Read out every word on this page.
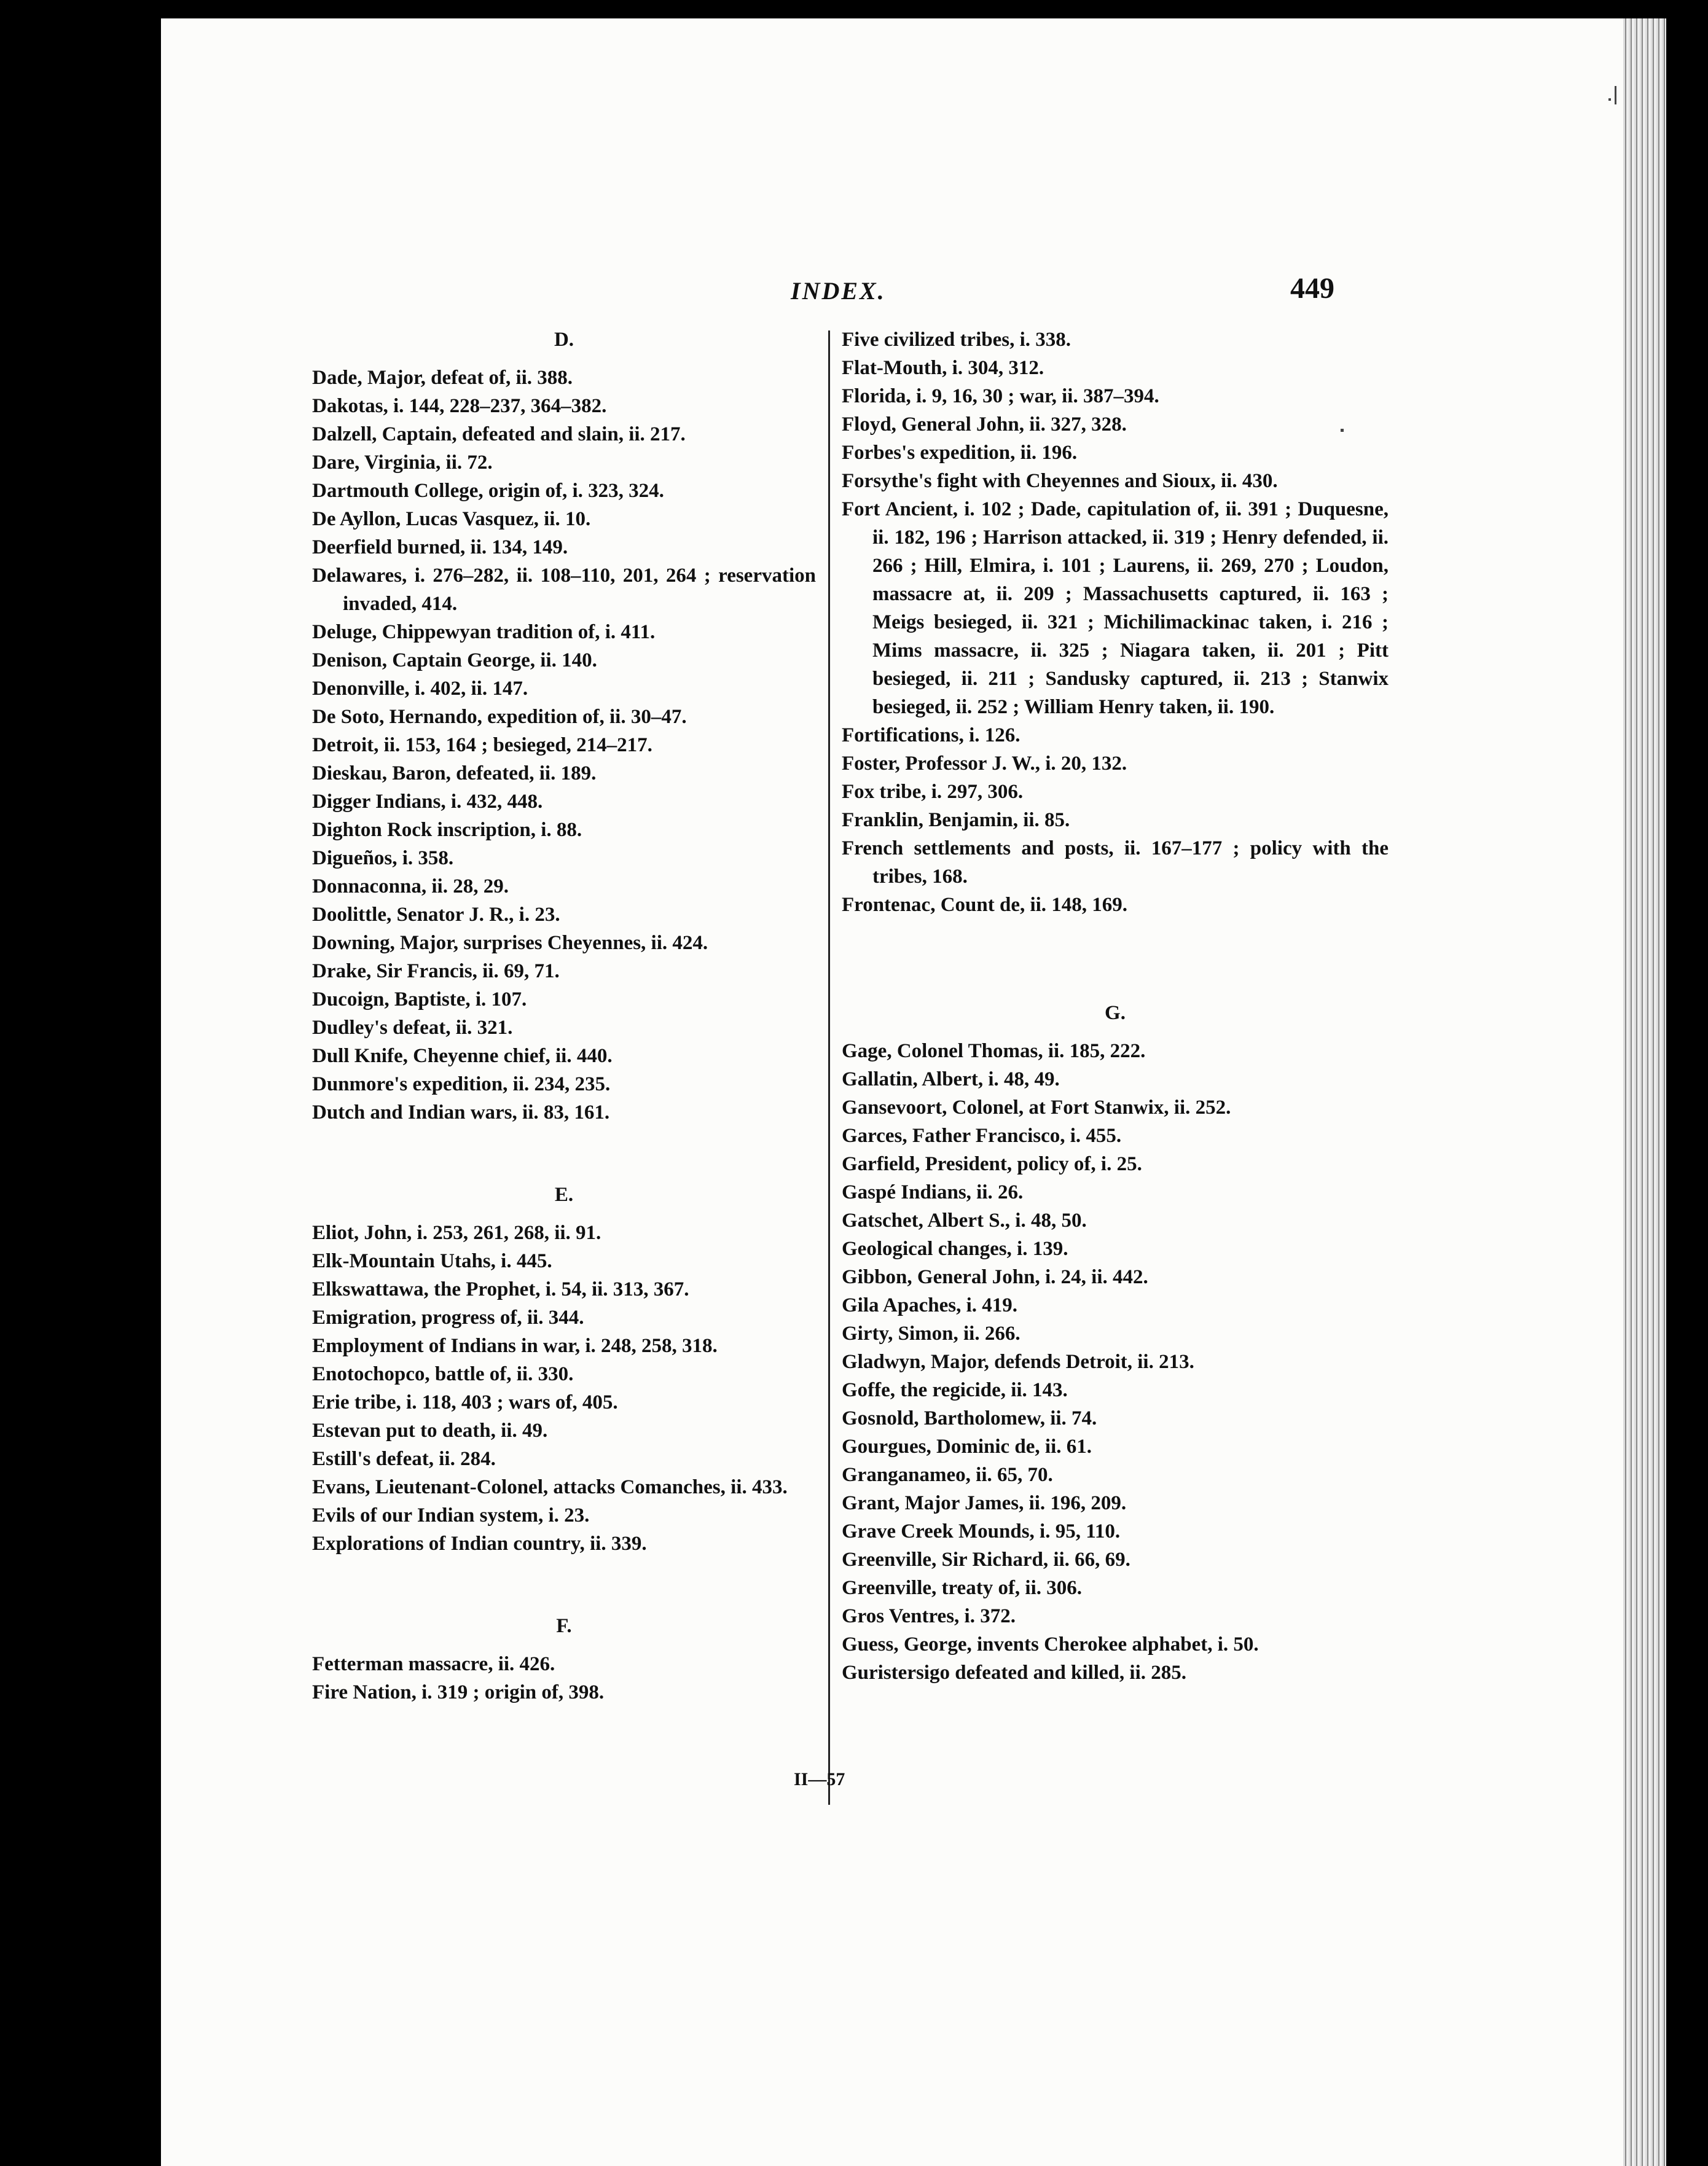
INDEX.	449

D.

Dade, Major, defeat of, ii. 388.

Dakotas, i. 144, 228–237, 364–382.

Dalzell, Captain, defeated and slain, ii. 217.

Dare, Virginia, ii. 72.

Dartmouth College, origin of, i. 323, 324.

De Ayllon, Lucas Vasquez, ii. 10.

Deerfield burned, ii. 134, 149.

Delawares, i. 276–282, ii. 108–110, 201, 264 ; reservation invaded, 414.

Deluge, Chippewyan tradition of, i. 411.

Denison, Captain George, ii. 140.

Denonville, i. 402, ii. 147.

De Soto, Hernando, expedition of, ii. 30–47.

Detroit, ii. 153, 164 ; besieged, 214–217.

Dieskau, Baron, defeated, ii. 189.

Digger Indians, i. 432, 448.

Dighton Rock inscription, i. 88.

Digueños, i. 358.

Donnaconna, ii. 28, 29.

Doolittle, Senator J. R., i. 23.

Downing, Major, surprises Cheyennes, ii. 424.

Drake, Sir Francis, ii. 69, 71.

Ducoign, Baptiste, i. 107.

Dudley's defeat, ii. 321.

Dull Knife, Cheyenne chief, ii. 440.

Dunmore's expedition, ii. 234, 235.

Dutch and Indian wars, ii. 83, 161.

E.

Eliot, John, i. 253, 261, 268, ii. 91.

Elk-Mountain Utahs, i. 445.

Elkswattawa, the Prophet, i. 54, ii. 313, 367.

Emigration, progress of, ii. 344.

Employment of Indians in war, i. 248, 258, 318.

Enotochopco, battle of, ii. 330.

Erie tribe, i. 118, 403 ; wars of, 405.

Estevan put to death, ii. 49.

Estill's defeat, ii. 284.

Evans, Lieutenant-Colonel, attacks Comanches, ii. 433.

Evils of our Indian system, i. 23.

Explorations of Indian country, ii. 339.

F.

Fetterman massacre, ii. 426.

Fire Nation, i. 319 ; origin of, 398.

Five civilized tribes, i. 338.

Flat-Mouth, i. 304, 312.

Florida, i. 9, 16, 30 ; war, ii. 387–394.

Floyd, General John, ii. 327, 328.

Forbes's expedition, ii. 196.

Forsythe's fight with Cheyennes and Sioux, ii. 430.

Fort Ancient, i. 102 ; Dade, capitulation of, ii. 391 ; Duquesne, ii. 182, 196 ; Harrison attacked, ii. 319 ; Henry defended, ii. 266 ; Hill, Elmira, i. 101 ; Laurens, ii. 269, 270 ; Loudon, massacre at, ii. 209 ; Massachusetts captured, ii. 163 ; Meigs besieged, ii. 321 ; Michilimackinac taken, i. 216 ; Mims massacre, ii. 325 ; Niagara taken, ii. 201 ; Pitt besieged, ii. 211 ; Sandusky captured, ii. 213 ; Stanwix besieged, ii. 252 ; William Henry taken, ii. 190.

Fortifications, i. 126.

Foster, Professor J. W., i. 20, 132.

Fox tribe, i. 297, 306.

Franklin, Benjamin, ii. 85.

French settlements and posts, ii. 167–177 ; policy with the tribes, 168.

Frontenac, Count de, ii. 148, 169.

G.

Gage, Colonel Thomas, ii. 185, 222.

Gallatin, Albert, i. 48, 49.

Gansevoort, Colonel, at Fort Stanwix, ii. 252.

Garces, Father Francisco, i. 455.

Garfield, President, policy of, i. 25.

Gaspé Indians, ii. 26.

Gatschet, Albert S., i. 48, 50.

Geological changes, i. 139.

Gibbon, General John, i. 24, ii. 442.

Gila Apaches, i. 419.

Girty, Simon, ii. 266.

Gladwyn, Major, defends Detroit, ii. 213.

Goffe, the regicide, ii. 143.

Gosnold, Bartholomew, ii. 74.

Gourgues, Dominic de, ii. 61.

Granganameo, ii. 65, 70.

Grant, Major James, ii. 196, 209.

Grave Creek Mounds, i. 95, 110.

Greenville, Sir Richard, ii. 66, 69.

Greenville, treaty of, ii. 306.

Gros Ventres, i. 372.

Guess, George, invents Cherokee alphabet, i. 50.

Guristersigo defeated and killed, ii. 285.

II—57
